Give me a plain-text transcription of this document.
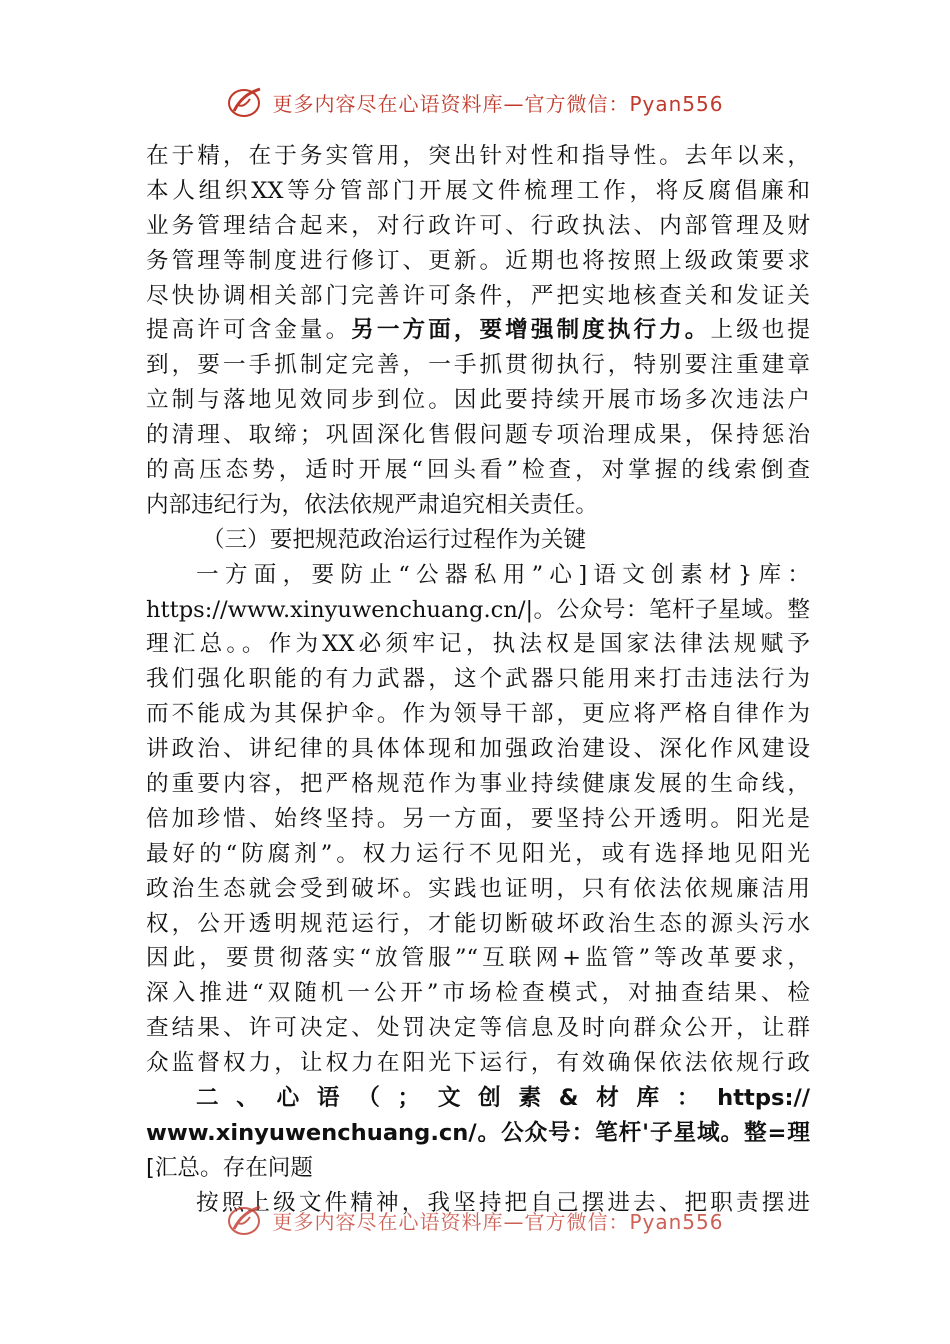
更多内容尽在心语资料库—官方微信：Pyan556
在于精，在于务实管用，突出针对性和指导性。去年以来，
本人组织XX等分管部门开展文件梳理工作，将反腐倡廉和
业务管理结合起来，对行政许可、行政执法、内部管理及财
务管理等制度进行修订、更新。近期也将按照上级政策要求
尽快协调相关部门完善许可条件，严把实地核查关和发证关
提高许可含金量。另一方面，要增强制度执行力。上级也提
到，要一手抓制定完善，一手抓贯彻执行，特别要注重建章
立制与落地见效同步到位。因此要持续开展市场多次违法户
的清理、取缔；巩固深化售假问题专项治理成果，保持惩治
的高压态势，适时开展“回头看”检查，对掌握的线索倒查
内部违纪行为，依法依规严肃追究相关责任。
（三）要把规范政治运行过程作为关键
一方面，要防止“公器私用”心]语文创素材}库：
https://www.xinyuwenchuang.cn/|。公众号：笔杆子星域。整
理汇总。。作为XX必须牢记，执法权是国家法律法规赋予
我们强化职能的有力武器，这个武器只能用来打击违法行为
而不能成为其保护伞。作为领导干部，更应将严格自律作为
讲政治、讲纪律的具体体现和加强政治建设、深化作风建设
的重要内容，把严格规范作为事业持续健康发展的生命线，
倍加珍惜、始终坚持。另一方面，要坚持公开透明。阳光是
最好的“防腐剂”。权力运行不见阳光，或有选择地见阳光
政治生态就会受到破坏。实践也证明，只有依法依规廉洁用
权，公开透明规范运行，才能切断破坏政治生态的源头污水
因此，要贯彻落实“放管服”“互联网+监管”等改革要求，
深入推进“双随机一公开”市场检查模式，对抽查结果、检
查结果、许可决定、处罚决定等信息及时向群众公开，让群
众监督权力，让权力在阳光下运行，有效确保依法依规行政
二、心语（；文创素&材库：https://
www.xinyuwenchuang.cn/。公众号：笔杆'子星域。整=理
[汇总。存在问题
按照上级文件精神，我坚持把自己摆进去、把职责摆进
更多内容尽在心语资料库—官方微信：Pyan556
